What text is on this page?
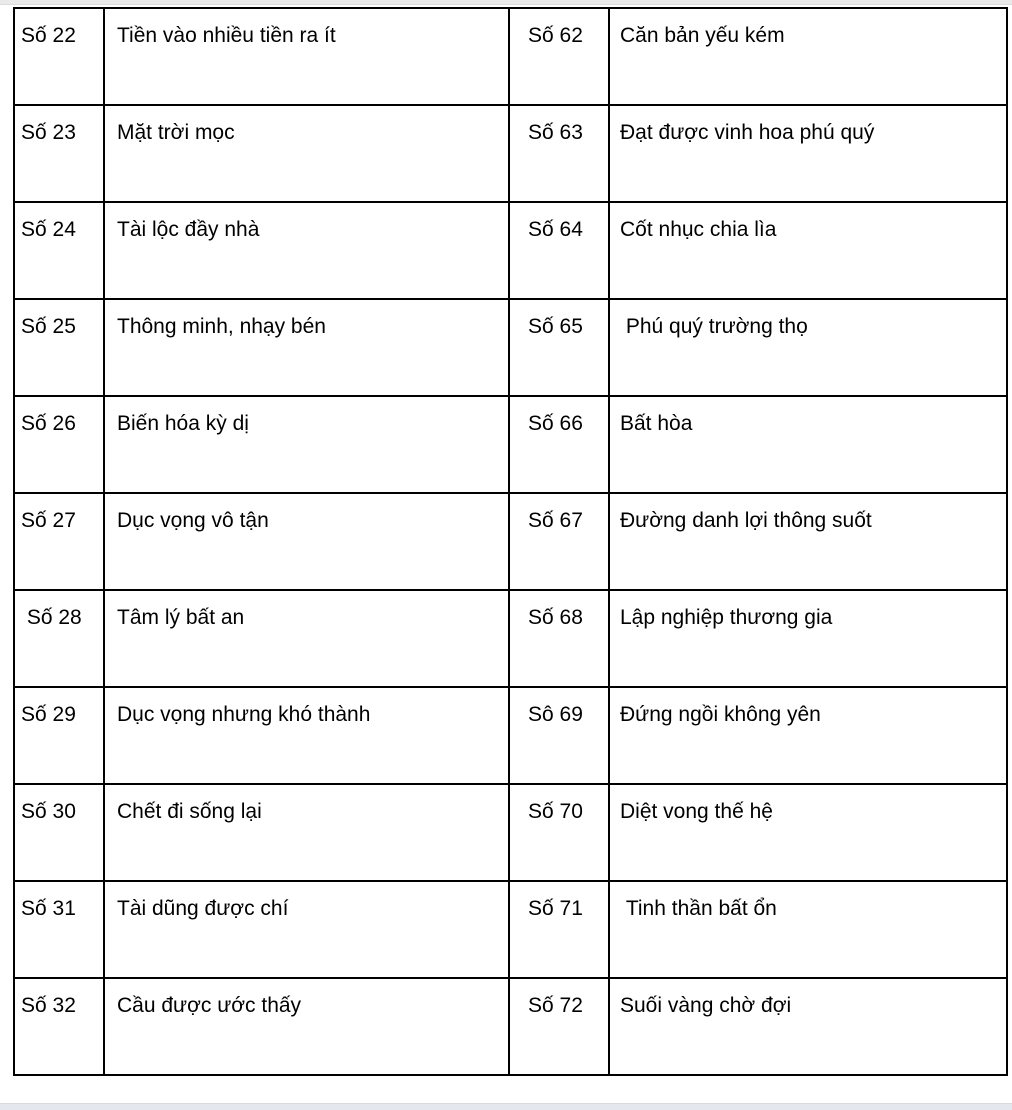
Số 22	Tiền vào nhiều tiền ra ít	Số 62	Căn bản yếu kém
Số 23	Mặt trời mọc	Số 63	Đạt được vinh hoa phú quý
Số 24	Tài lộc đầy nhà	Số 64	Cốt nhục chia lìa
Số 25	Thông minh, nhạy bén	Số 65	Phú quý trường thọ
Số 26	Biến hóa kỳ dị	Số 66	Bất hòa
Số 27	Dục vọng vô tận	Số 67	Đường danh lợi thông suốt
Số 28	Tâm lý bất an	Số 68	Lập nghiệp thương gia
Số 29	Dục vọng nhưng khó thành	Sô 69	Đứng ngồi không yên
Số 30	Chết đi sống lại	Số 70	Diệt vong thế hệ
Số 31	Tài dũng được chí	Số 71	Tinh thần bất ổn
Số 32	Cầu được ước thấy	Số 72	Suối vàng chờ đợi
